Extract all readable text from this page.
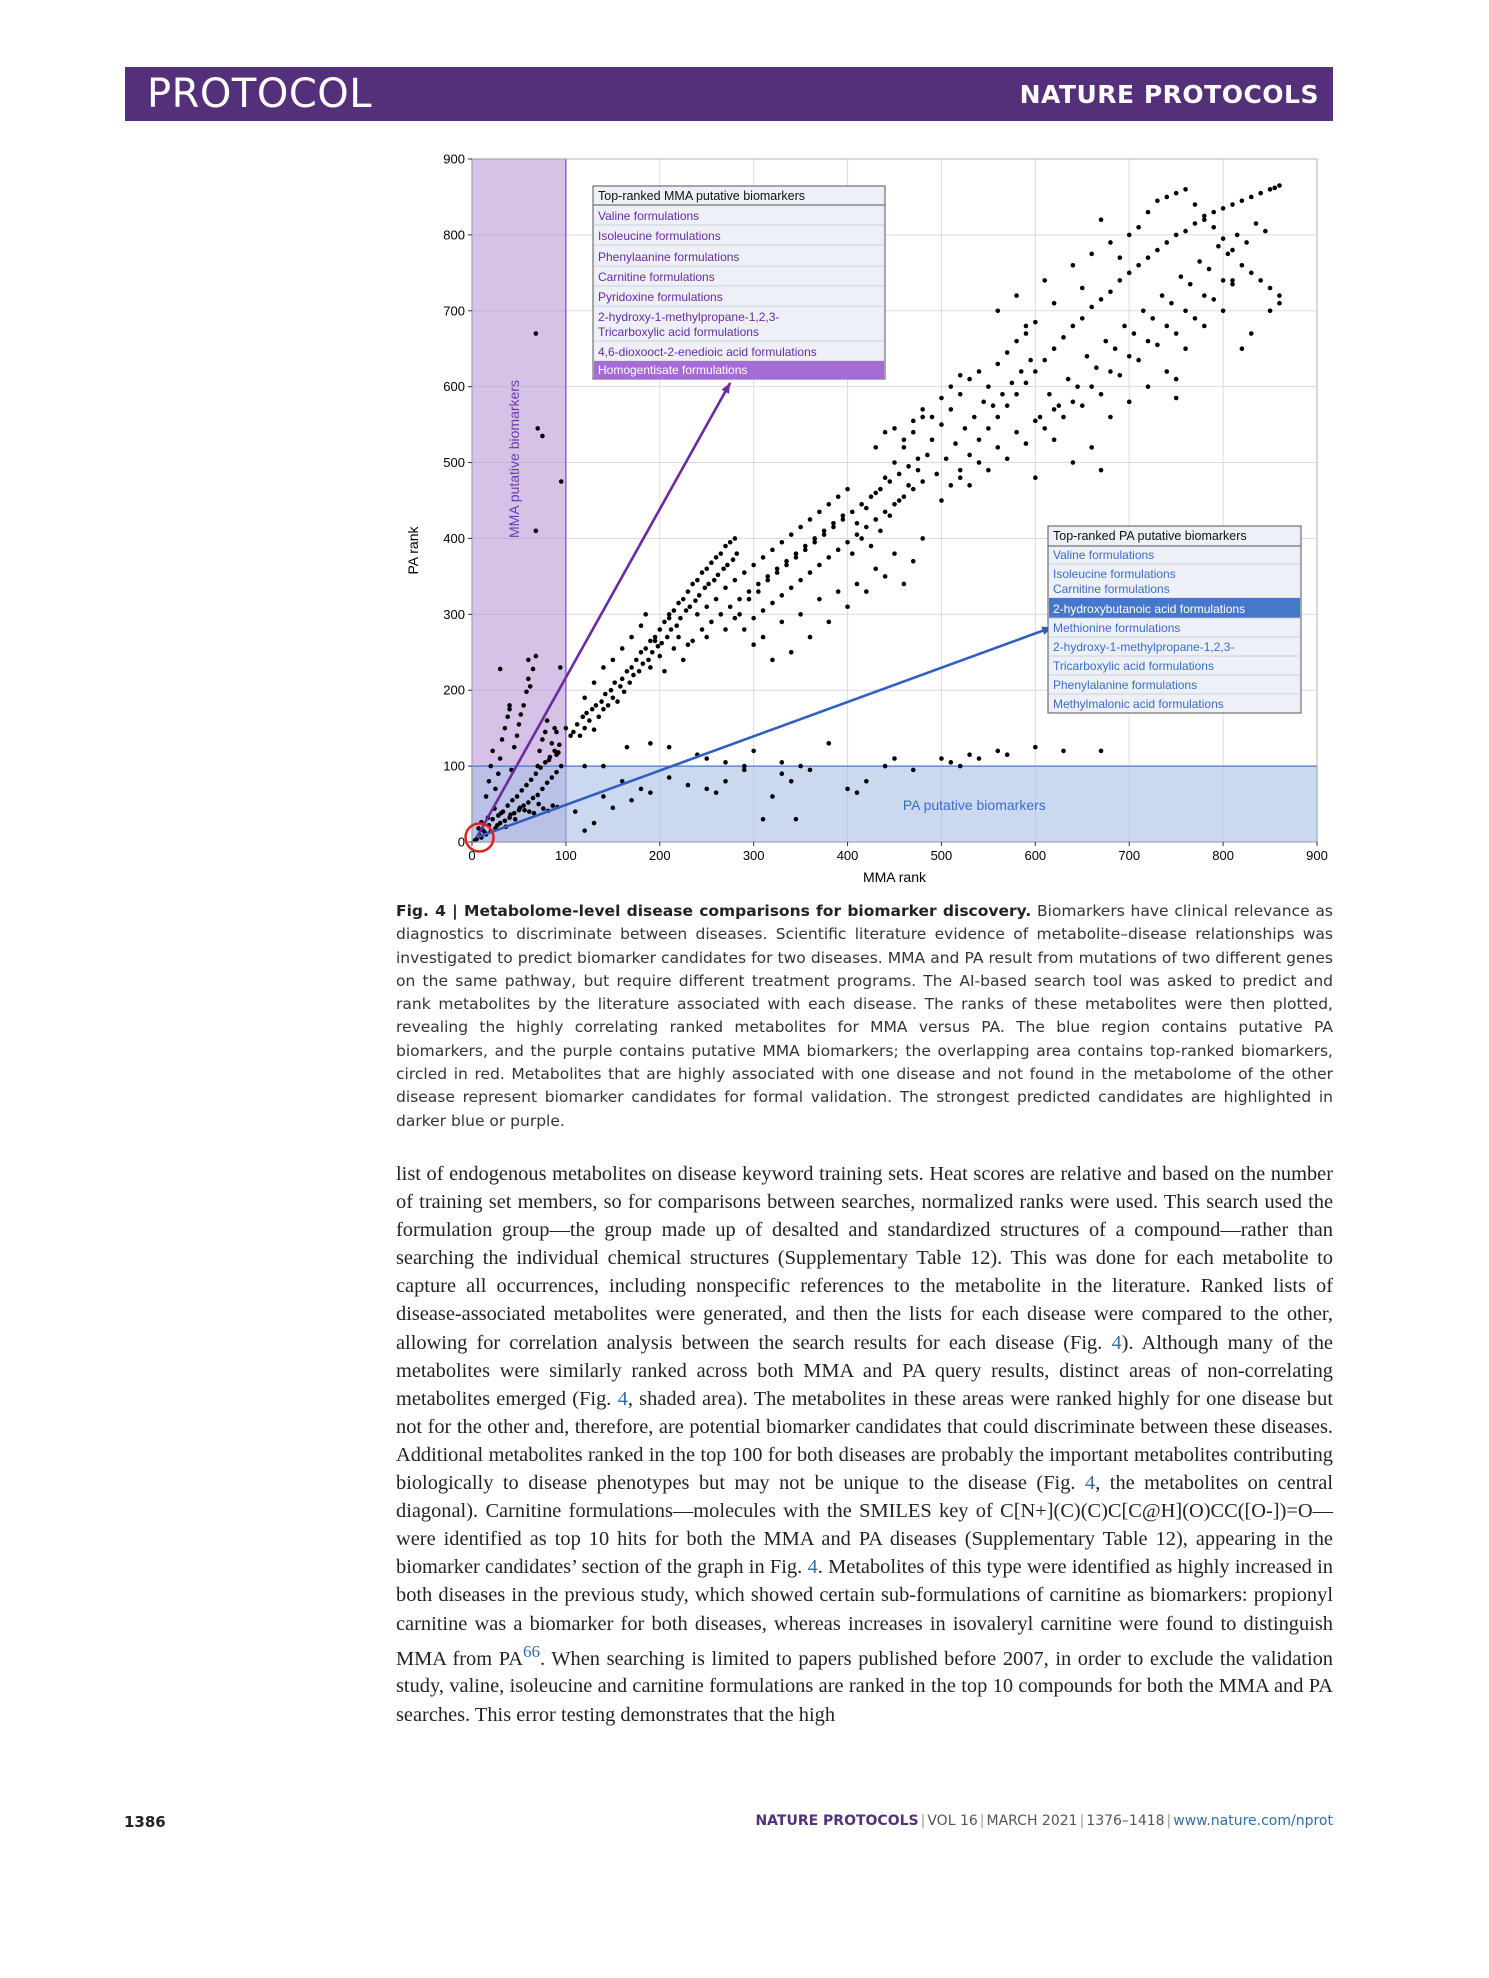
PROTOCOL	NATURE PROTOCOLS
0	100	200	300	400	500	600	700	800	900
0
100
200
300
400
500
600
700
800
900
MMA rank
PA rank
MMA putative biomarkers
PA putative biomarkers
Top-ranked MMA putative biomarkers
Valine formulations
Isoleucine formulations
Phenylaanine formulations
Carnitine formulations
Pyridoxine formulations
2-hydroxy-1-methylpropane-1,2,3-
Tricarboxylic acid formulations
4,6-dioxooct-2-enedioic acid formulations
Homogentisate formulations
Top-ranked PA putative biomarkers
Valine formulations
Isoleucine formulations
Carnitine formulations
2-hydroxybutanoic acid formulations
Methionine formulations
2-hydroxy-1-methylpropane-1,2,3-
Tricarboxylic acid formulations
Phenylalanine formulations
Methylmalonic acid formulations
Fig. 4 | Metabolome-level disease comparisons for biomarker discovery. Biomarkers have clinical relevance as diagnostics to discriminate between diseases. Scientific literature evidence of metabolite–disease relationships was investigated to predict biomarker candidates for two diseases. MMA and PA result from mutations of two different genes on the same pathway, but require different treatment programs. The AI-based search tool was asked to predict and rank metabolites by the literature associated with each disease. The ranks of these metabolites were then plotted, revealing the highly correlating ranked metabolites for MMA versus PA. The blue region contains putative PA biomarkers, and the purple contains putative MMA biomarkers; the overlapping area contains top-ranked biomarkers, circled in red. Metabolites that are highly associated with one disease and not found in the metabolome of the other disease represent biomarker candidates for formal validation. The strongest predicted candidates are highlighted in darker blue or purple.
list of endogenous metabolites on disease keyword training sets. Heat scores are relative and based on the number of training set members, so for comparisons between searches, normalized ranks were used. This search used the formulation group—the group made up of desalted and standardized structures of a compound—rather than searching the individual chemical structures (Supplementary Table 12). This was done for each metabolite to capture all occurrences, including nonspecific references to the metabolite in the literature. Ranked lists of disease-associated metabolites were generated, and then the lists for each disease were compared to the other, allowing for correlation analysis between the search results for each disease (Fig. 4). Although many of the metabolites were similarly ranked across both MMA and PA query results, distinct areas of non-correlating metabolites emerged (Fig. 4, shaded area). The metabolites in these areas were ranked highly for one disease but not for the other and, therefore, are potential biomarker candidates that could discriminate between these diseases. Additional metabolites ranked in the top 100 for both diseases are probably the important metabolites contributing biologically to disease phenotypes but may not be unique to the disease (Fig. 4, the metabolites on central diagonal). Carnitine formulations—molecules with the SMILES key of C[N+](C)(C)C[C@H](O)CC([O-])=O—were identified as top 10 hits for both the MMA and PA diseases (Supplementary Table 12), appearing in the biomarker candidates’ section of the graph in Fig. 4. Metabolites of this type were identified as highly increased in both diseases in the previous study, which showed certain sub-formulations of carnitine as biomarkers: propionyl carnitine was a biomarker for both diseases, whereas increases in isovaleryl carnitine were found to distinguish MMA from PA$^{66}$. When searching is limited to papers published before 2007, in order to exclude the validation study, valine, isoleucine and carnitine formulations are ranked in the top 10 compounds for both the MMA and PA searches. This error testing demonstrates that the high
1386	NATURE PROTOCOLS | VOL 16 | MARCH 2021 | 1376–1418 | www.nature.com/nprot
